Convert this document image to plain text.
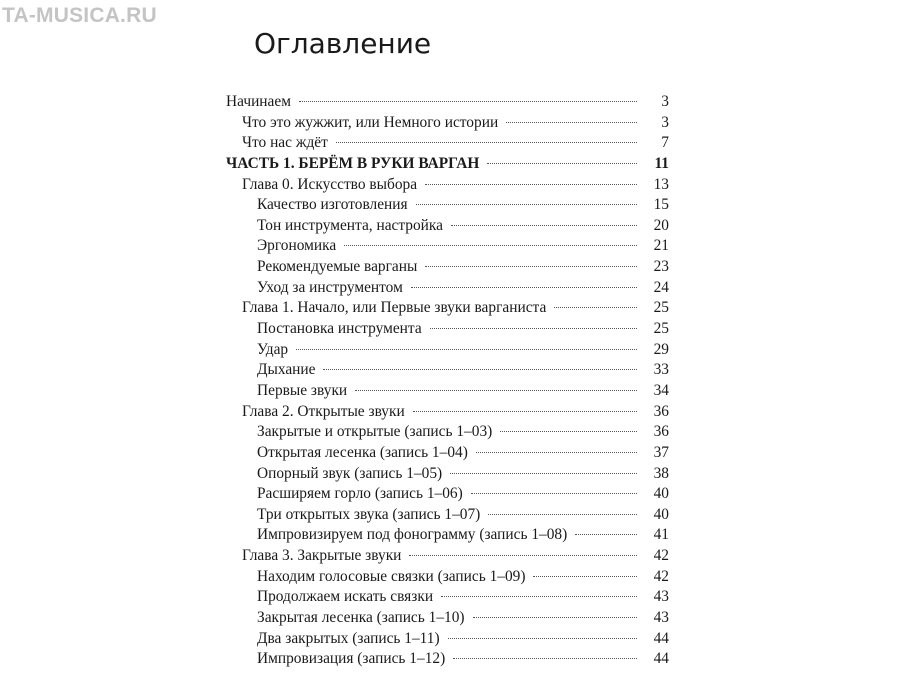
TA-MUSICA.RU
Оглавление
Начинаем	3
Что это жужжит, или Немного истории	3
Что нас ждёт	7
ЧАСТЬ 1. БЕРЁМ В РУКИ ВАРГАН	11
Глава 0. Искусство выбора	13
Качество изготовления	15
Тон инструмента, настройка	20
Эргономика	21
Рекомендуемые варганы	23
Уход за инструментом	24
Глава 1. Начало, или Первые звуки варганиста	25
Постановка инструмента	25
Удар	29
Дыхание	33
Первые звуки	34
Глава 2. Открытые звуки	36
Закрытые и открытые (запись 1–03)	36
Открытая лесенка (запись 1–04)	37
Опорный звук (запись 1–05)	38
Расширяем горло (запись 1–06)	40
Три открытых звука (запись 1–07)	40
Импровизируем под фонограмму (запись 1–08)	41
Глава 3. Закрытые звуки	42
Находим голосовые связки (запись 1–09)	42
Продолжаем искать связки	43
Закрытая лесенка (запись 1–10)	43
Два закрытых (запись 1–11)	44
Импровизация (запись 1–12)	44
